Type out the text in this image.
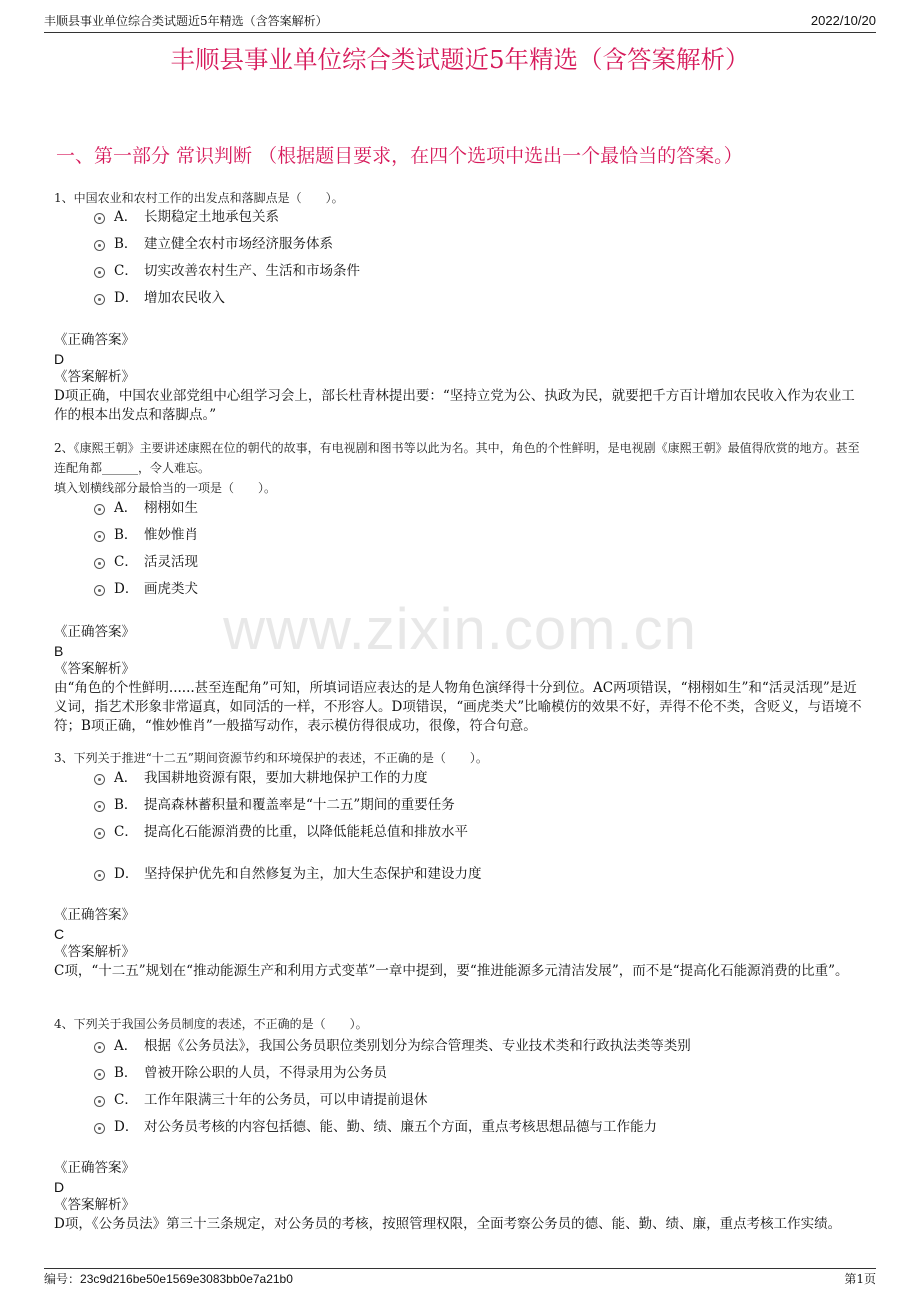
丰顺县事业单位综合类试题近5年精选（含答案解析）	2022/10/20
丰顺县事业单位综合类试题近5年精选（含答案解析）
一、第一部分 常识判断 （根据题目要求，在四个选项中选出一个最恰当的答案。）
www.zixin.com.cn

1、中国农业和农村工作的出发点和落脚点是（　　）。

A． 长期稳定土地承包关系
B． 建立健全农村市场经济服务体系
C． 切实改善农村生产、生活和市场条件
D． 增加农民收入
《正确答案》
D
《答案解析》

D项正确，中国农业部党组中心组学习会上，部长杜青林提出要：“坚持立党为公、执政为民，就要把千方百计增加农民收入作为农业工作的根本出发点和落脚点。”

2、《康熙王朝》主要讲述康熙在位的朝代的故事，有电视剧和图书等以此为名。其中，角色的个性鲜明，是电视剧《康熙王朝》最值得欣赏的地方。甚至连配角都______，令人难忘。

填入划横线部分最恰当的一项是（　　）。

A． 栩栩如生
B． 惟妙惟肖
C． 活灵活现
D． 画虎类犬
《正确答案》
B
《答案解析》

由“角色的个性鲜明......甚至连配角”可知，所填词语应表达的是人物角色演绎得十分到位。AC两项错误，“栩栩如生”和“活灵活现”是近义词，指艺术形象非常逼真，如同活的一样，不形容人。D项错误，“画虎类犬”比喻模仿的效果不好，弄得不伦不类，含贬义，与语境不符；B项正确，“惟妙惟肖”一般描写动作，表示模仿得很成功，很像，符合句意。

3、下列关于推进“十二五”期间资源节约和环境保护的表述，不正确的是（　　）。

A． 我国耕地资源有限，要加大耕地保护工作的力度
B． 提高森林蓄积量和覆盖率是“十二五”期间的重要任务
C． 提高化石能源消费的比重，以降低能耗总值和排放水平
D． 坚持保护优先和自然修复为主，加大生态保护和建设力度
《正确答案》
C
《答案解析》

C项，“十二五”规划在“推动能源生产和利用方式变革”一章中提到，要“推进能源多元清洁发展”，而不是“提高化石能源消费的比重”。

4、下列关于我国公务员制度的表述，不正确的是（　　）。

A． 根据《公务员法》，我国公务员职位类别划分为综合管理类、专业技术类和行政执法类等类别
B． 曾被开除公职的人员，不得录用为公务员
C． 工作年限满三十年的公务员，可以申请提前退休
D． 对公务员考核的内容包括德、能、勤、绩、廉五个方面，重点考核思想品德与工作能力
《正确答案》
D
《答案解析》

D项，《公务员法》第三十三条规定，对公务员的考核，按照管理权限，全面考察公务员的德、能、勤、绩、廉，重点考核工作实绩。

编号：23c9d216be50e1569e3083bb0e7a21b0	第1页
